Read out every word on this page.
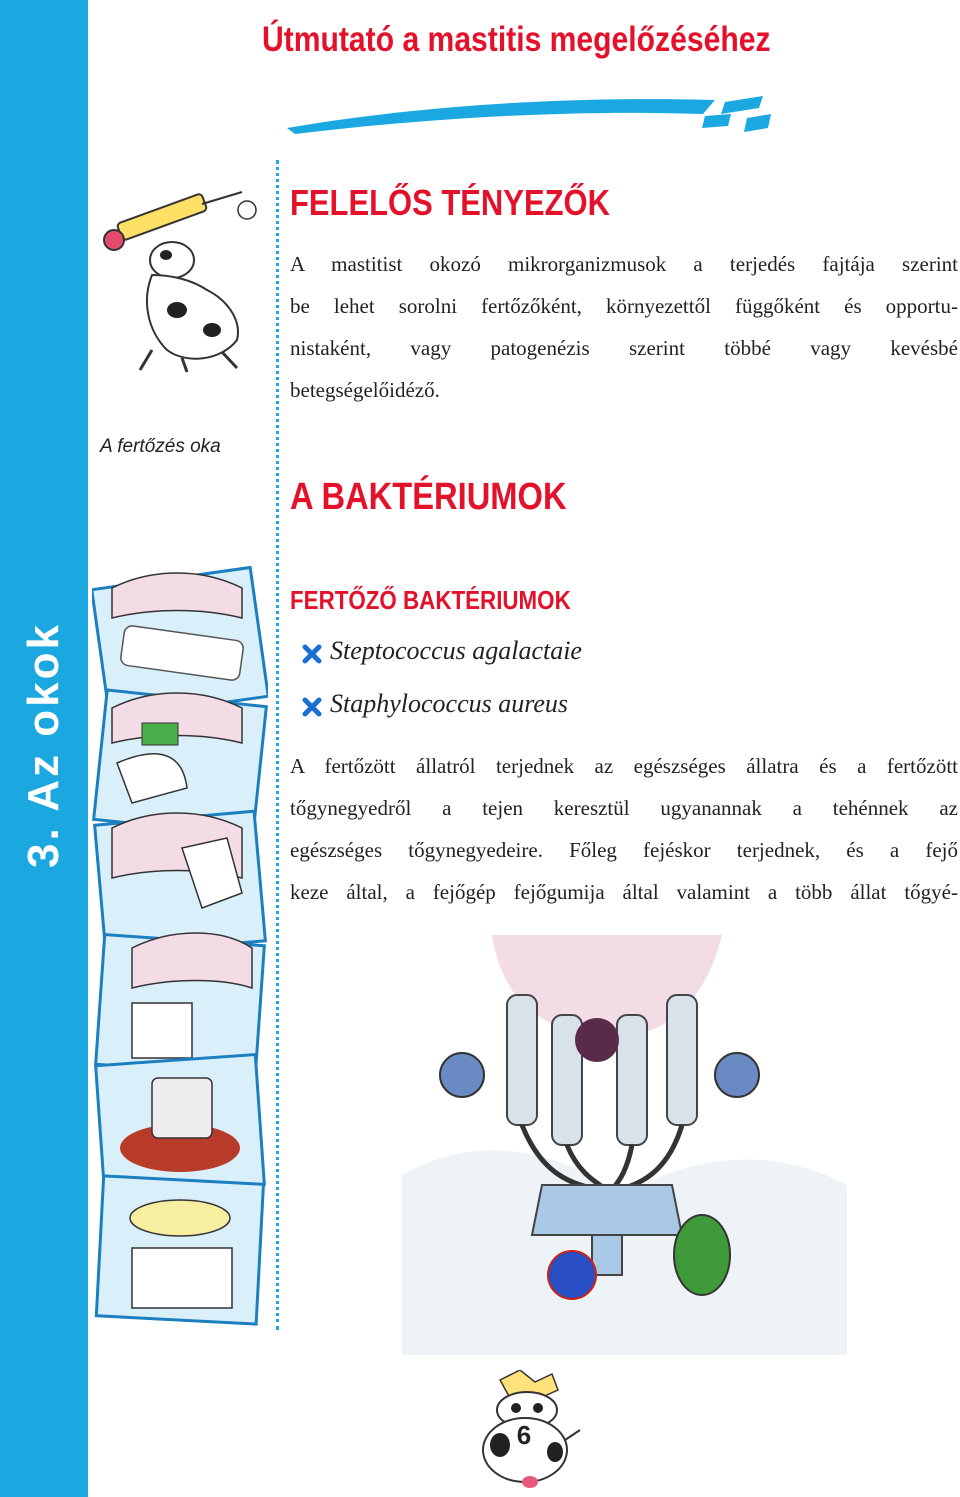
3. Az okok
Útmutató a mastitis megelőzéséhez
A fertőzés oka
FELELŐS TÉNYEZŐK
A mastitist okozó mikrorganizmusok a terjedés fajtája szerint
be lehet sorolni fertőzőként, környezettől függőként és opportu-
nistaként, vagy patogenézis szerint többé vagy kevésbé
betegségelőidéző.
A BAKTÉRIUMOK
FERTŐZŐ BAKTÉRIUMOK
Steptococcus agalactaie
Staphylococcus aureus
A fertőzött állatról terjednek az egészséges állatra és a fertőzött
tőgynegyedről a tejen keresztül ugyanannak a tehénnek az
egészséges tőgynegyedeire. Főleg fejéskor terjednek, és a fejő
keze által, a fejőgép fejőgumija által valamint a több állat tőgyé-
6
